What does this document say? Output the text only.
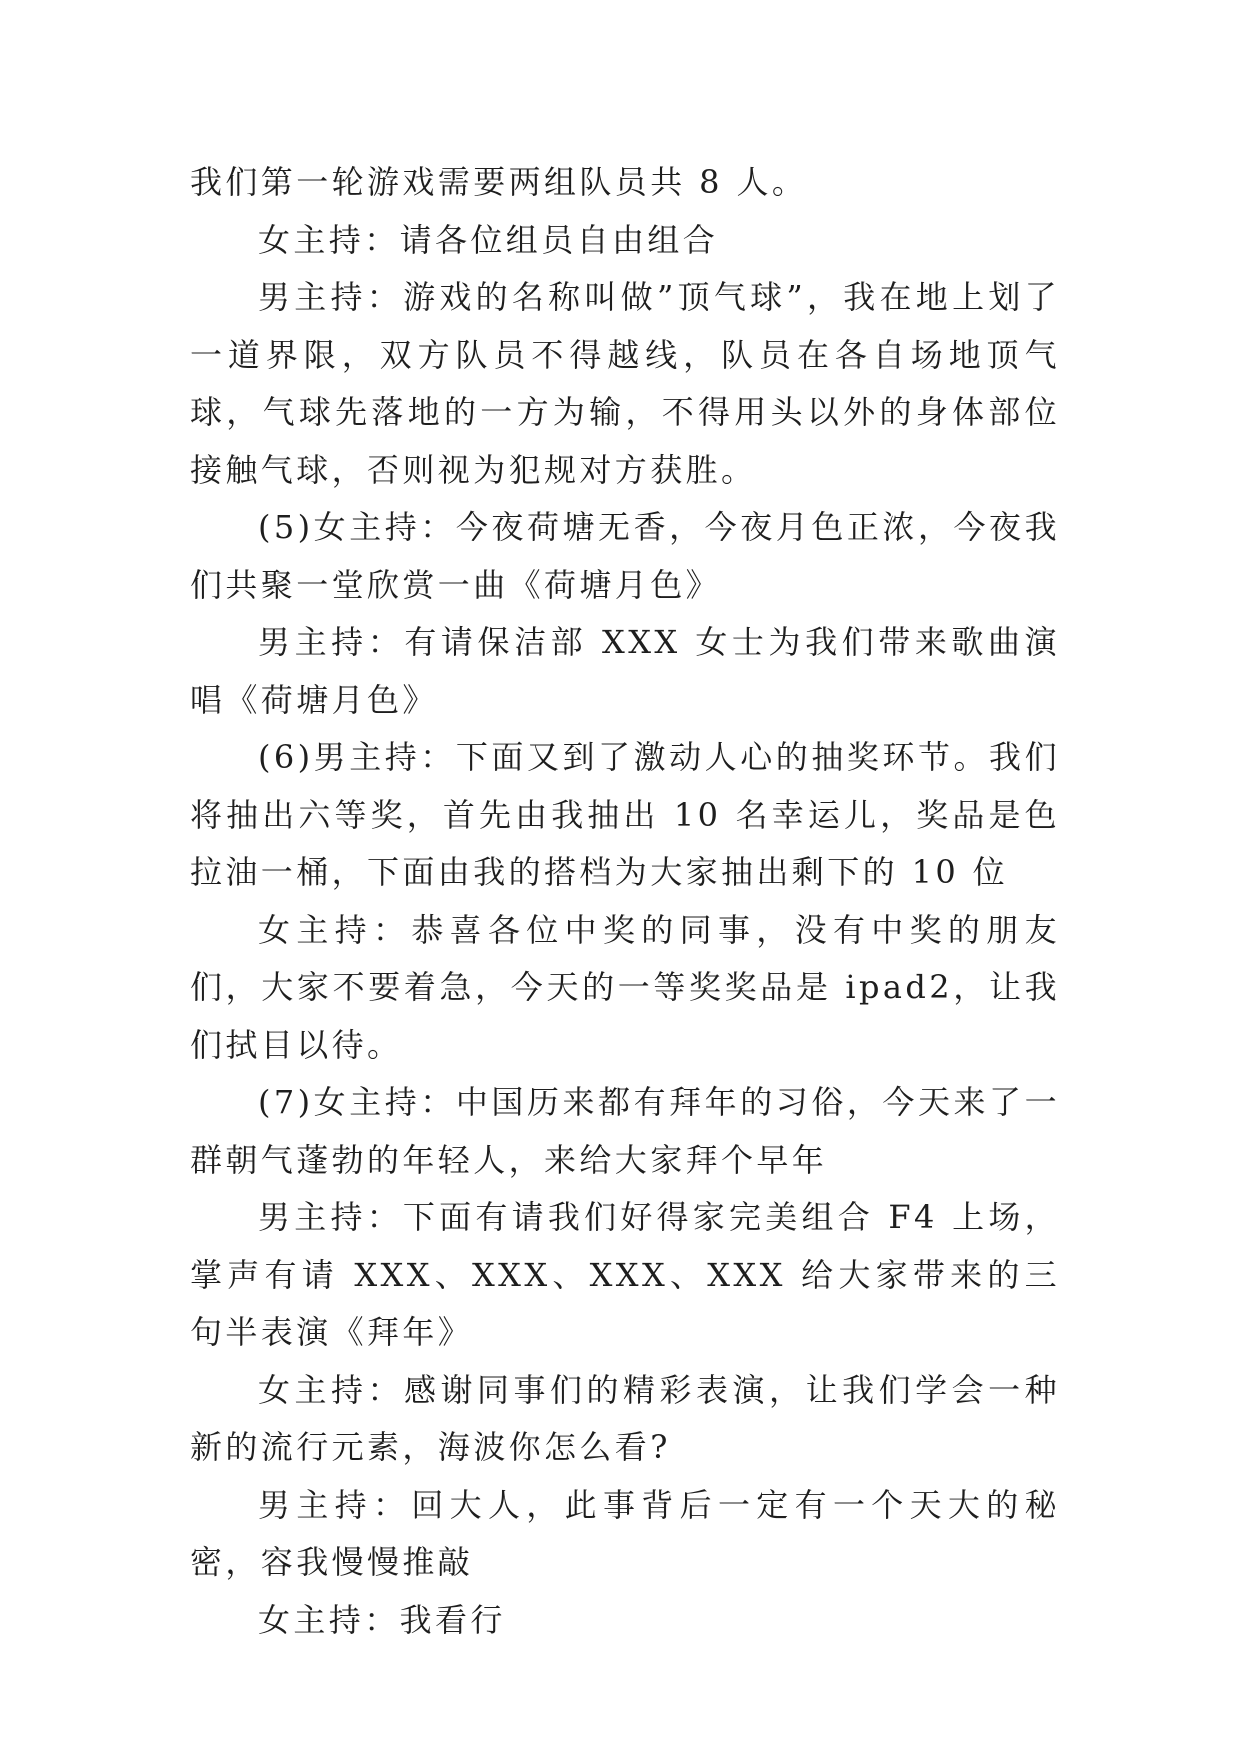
我们第一轮游戏需要两组队员共 8 人。

女主持：请各位组员自由组合

男主持：游戏的名称叫做”顶气球”，我在地上划了一道界限，双方队员不得越线，队员在各自场地顶气球，气球先落地的一方为输，不得用头以外的身体部位接触气球，否则视为犯规对方获胜。

(5)女主持：今夜荷塘无香，今夜月色正浓，今夜我们共聚一堂欣赏一曲《荷塘月色》

男主持：有请保洁部 XXX 女士为我们带来歌曲演唱《荷塘月色》

(6)男主持：下面又到了激动人心的抽奖环节。我们将抽出六等奖，首先由我抽出 10 名幸运儿，奖品是色拉油一桶，下面由我的搭档为大家抽出剩下的 10 位

女主持：恭喜各位中奖的同事，没有中奖的朋友们，大家不要着急，今天的一等奖奖品是 ipad2，让我们拭目以待。

(7)女主持：中国历来都有拜年的习俗，今天来了一群朝气蓬勃的年轻人，来给大家拜个早年

男主持：下面有请我们好得家完美组合 F4 上场，掌声有请 XXX、XXX、XXX、XXX 给大家带来的三句半表演《拜年》

女主持：感谢同事们的精彩表演，让我们学会一种新的流行元素，海波你怎么看?

男主持：回大人，此事背后一定有一个天大的秘密，容我慢慢推敲

女主持：我看行
